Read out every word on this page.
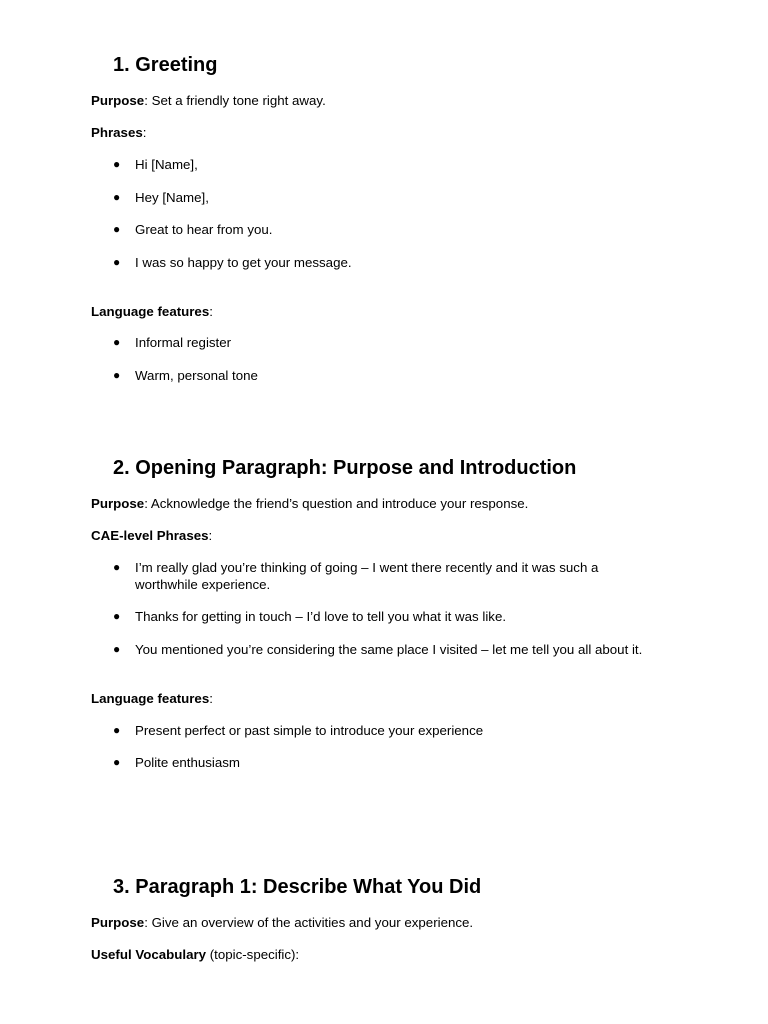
1. Greeting

Purpose: Set a friendly tone right away.

Phrases:

● Hi [Name],
● Hey [Name],
● Great to hear from you.
● I was so happy to get your message.

Language features:

● Informal register
● Warm, personal tone
2. Opening Paragraph: Purpose and Introduction

Purpose: Acknowledge the friend’s question and introduce your response.

CAE-level Phrases:

● I’m really glad you’re thinking of going – I went there recently and it was such a worthwhile experience.
● Thanks for getting in touch – I’d love to tell you what it was like.
● You mentioned you’re considering the same place I visited – let me tell you all about it.

Language features:

● Present perfect or past simple to introduce your experience
● Polite enthusiasm
3. Paragraph 1: Describe What You Did

Purpose: Give an overview of the activities and your experience.

Useful Vocabulary (topic-specific):
